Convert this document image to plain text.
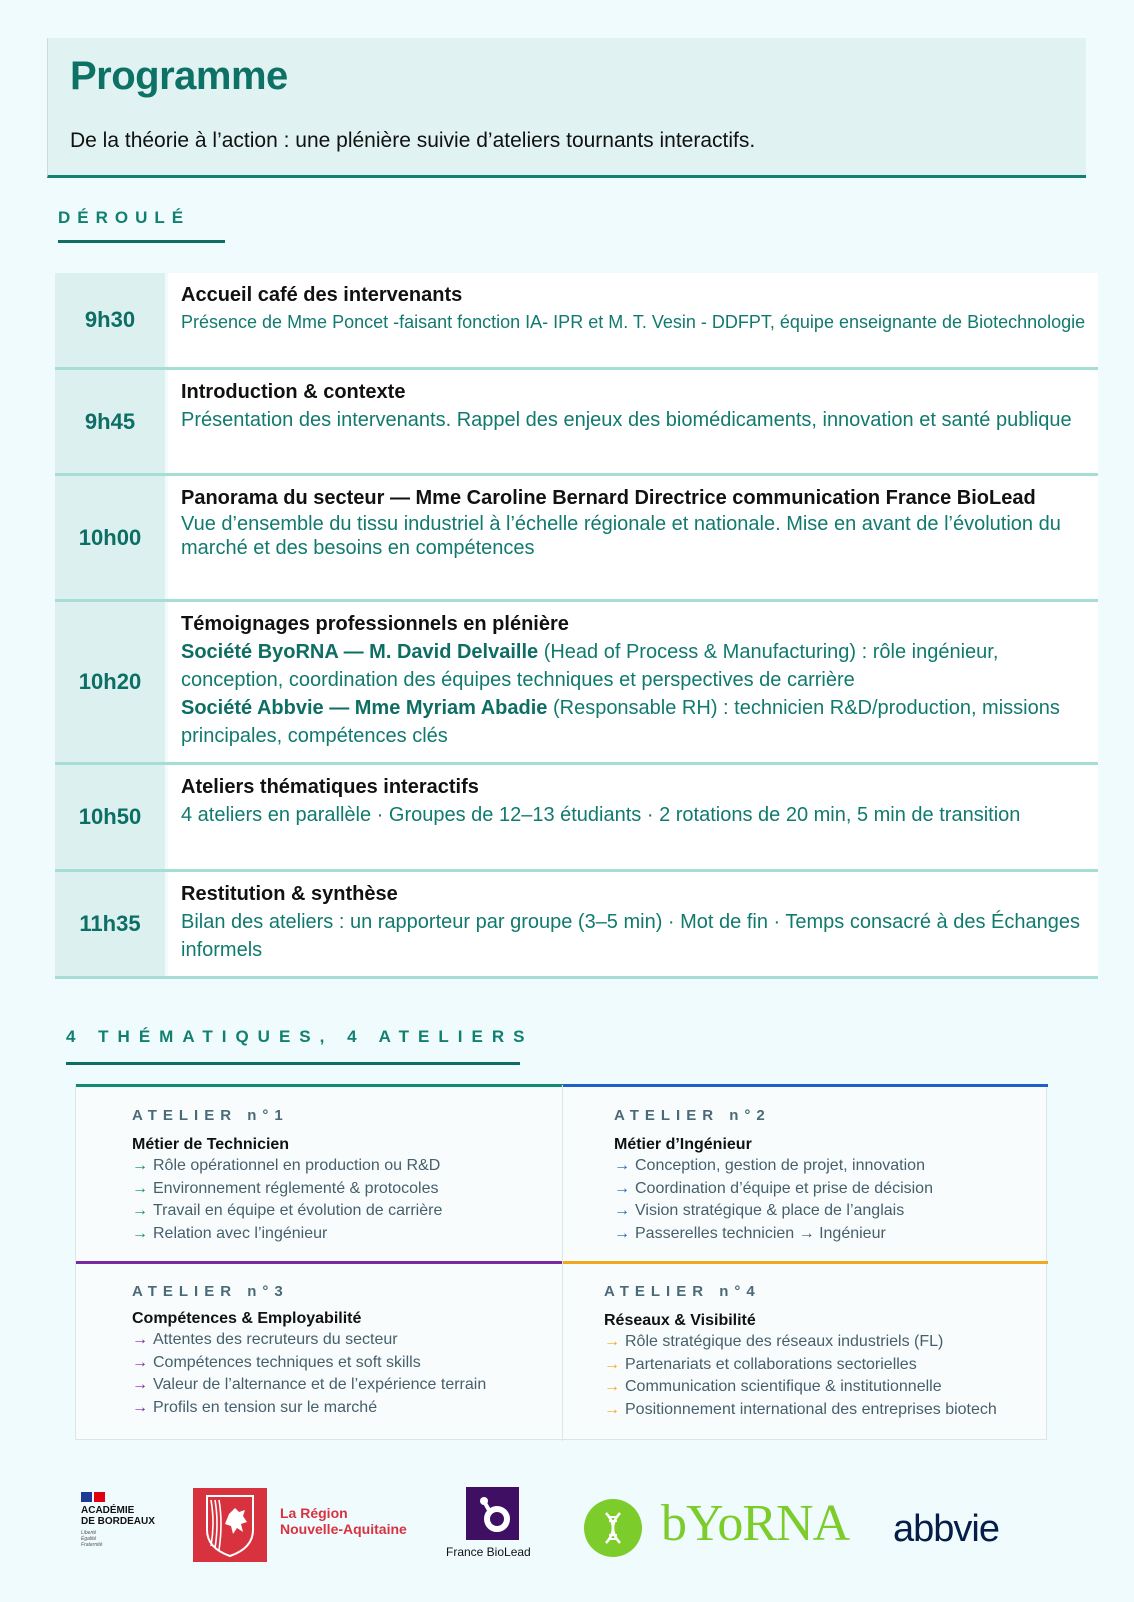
Programme
De la théorie à l’action : une plénière suivie d’ateliers tournants interactifs.
DÉROULÉ
9h30
Accueil café des intervenants
Présence de Mme Poncet -faisant fonction IA- IPR et M. T. Vesin - DDFPT, équipe enseignante de Biotechnologie
9h45
Introduction & contexte
Présentation des intervenants. Rappel des enjeux des biomédicaments, innovation et santé publique
10h00
Panorama du secteur — Mme Caroline Bernard Directrice communication France BioLead
Vue d’ensemble du tissu industriel à l’échelle régionale et nationale. Mise en avant de l’évolution du marché et des besoins en compétences
10h20
Témoignages professionnels en plénière
Société ByoRNA — M. David Delvaille (Head of Process & Manufacturing) : rôle ingénieur, conception, coordination des équipes techniques et perspectives de carrière
Société Abbvie — Mme Myriam Abadie (Responsable RH) : technicien R&D/production, missions principales, compétences clés
10h50
Ateliers thématiques interactifs
4 ateliers en parallèle · Groupes de 12–13 étudiants · 2 rotations de 20 min, 5 min de transition
11h35
Restitution & synthèse
Bilan des ateliers : un rapporteur par groupe (3–5 min) · Mot de fin · Temps consacré à des Échanges informels
4 THÉMATIQUES, 4 ATELIERS
ATELIER n°1
Métier de Technicien
→ Rôle opérationnel en production ou R&D
→ Environnement réglementé & protocoles
→ Travail en équipe et évolution de carrière
→ Relation avec l’ingénieur
ATELIER n°2
Métier d’Ingénieur
→ Conception, gestion de projet, innovation
→ Coordination d’équipe et prise de décision
→ Vision stratégique & place de l’anglais
→ Passerelles technicien → Ingénieur
ATELIER n°3
Compétences & Employabilité
→ Attentes des recruteurs du secteur
→ Compétences techniques et soft skills
→ Valeur de l’alternance et de l’expérience terrain
→ Profils en tension sur le marché
ATELIER n°4
Réseaux & Visibilité
→ Rôle stratégique des réseaux industriels (FL)
→ Partenariats et collaborations sectorielles
→ Communication scientifique & institutionnelle
→ Positionnement international des entreprises biotech
ACADÉMIE
DE BORDEAUX
Liberté
Égalité
Fraternité
La Région
Nouvelle-Aquitaine
France BioLead	bYoRNA abbvie
